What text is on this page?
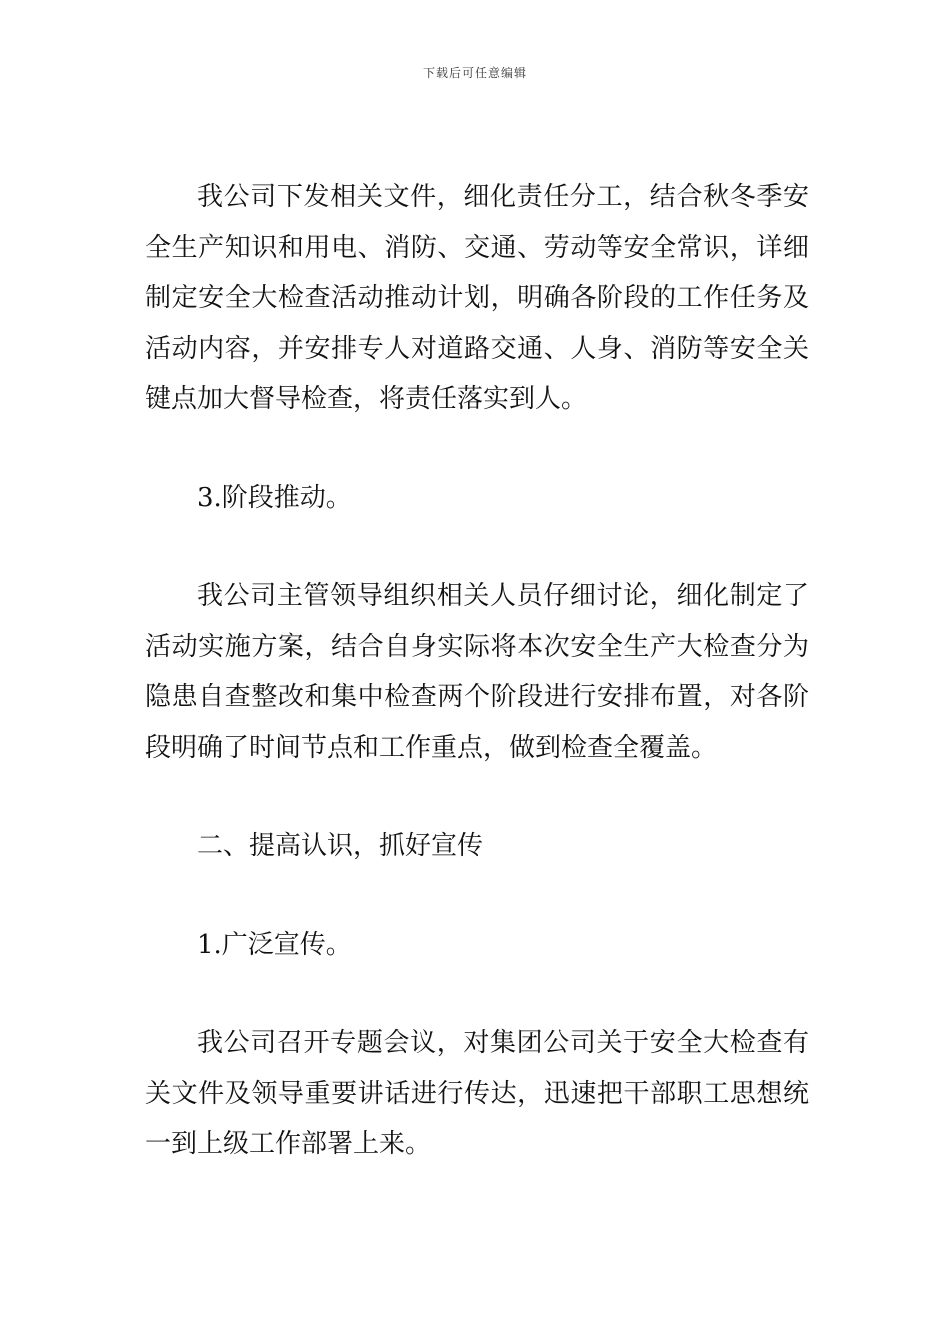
下载后可任意编辑

我公司下发相关文件，细化责任分工，结合秋冬季安全生产知识和用电、消防、交通、劳动等安全常识，详细制定安全大检查活动推动计划，明确各阶段的工作任务及活动内容，并安排专人对道路交通、人身、消防等安全关键点加大督导检查，将责任落实到人。

3.阶段推动。

我公司主管领导组织相关人员仔细讨论，细化制定了活动实施方案，结合自身实际将本次安全生产大检查分为隐患自查整改和集中检查两个阶段进行安排布置，对各阶段明确了时间节点和工作重点，做到检查全覆盖。

二、提高认识，抓好宣传

1.广泛宣传。

我公司召开专题会议，对集团公司关于安全大检查有关文件及领导重要讲话进行传达，迅速把干部职工思想统一到上级工作部署上来。
